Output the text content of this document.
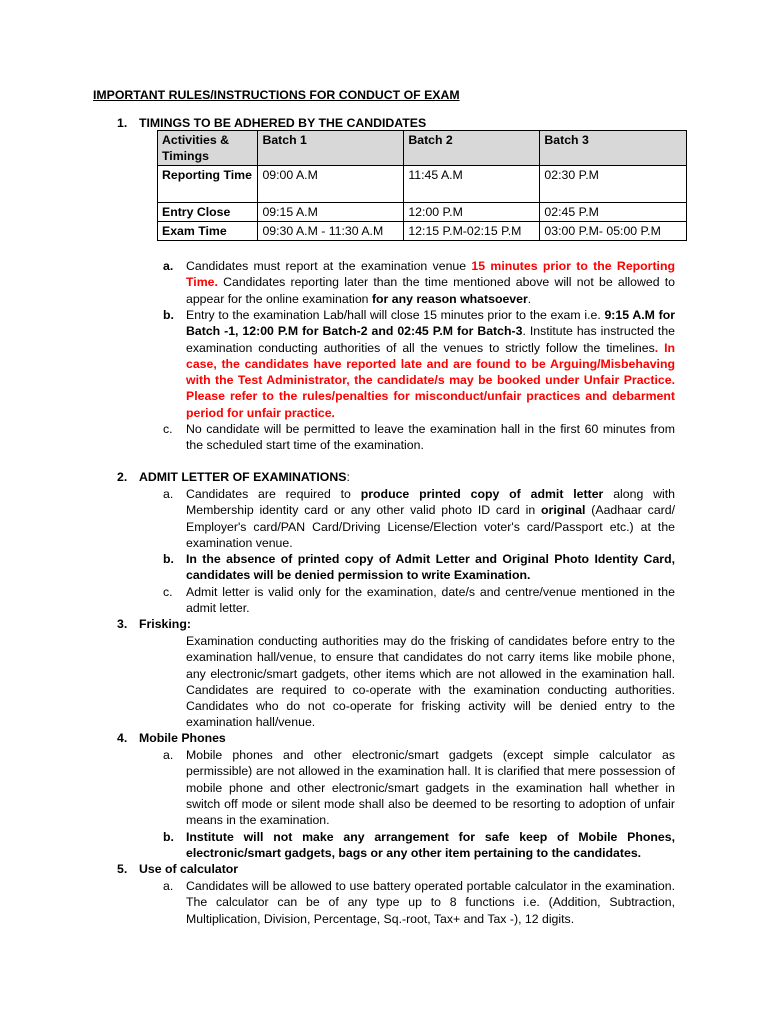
IMPORTANT RULES/INSTRUCTIONS FOR CONDUCT OF EXAM
1. TIMINGS TO BE ADHERED BY THE CANDIDATES
Activities & Timings	Batch 1	Batch 2	Batch 3
Reporting Time	09:00 A.M	11:45 A.M	02:30 P.M
Entry Close	09:15 A.M	12:00 P.M	02:45 P.M
Exam Time	09:30 A.M - 11:30 A.M	12:15 P.M-02:15 P.M	03:00 P.M- 05:00 P.M
a.	Candidates must report at the examination venue 15 minutes prior to the Reporting Time. Candidates reporting later than the time mentioned above will not be allowed to appear for the online examination for any reason whatsoever.
b. Entry to the examination Lab/hall will close 15 minutes prior to the exam i.e. 9:15 A.M for Batch -1, 12:00 P.M for Batch-2 and 02:45 P.M for Batch-3. Institute has instructed the examination conducting authorities of all the venues to strictly follow the timelines. In case, the candidates have reported late and are found to be Arguing/Misbehaving with the Test Administrator, the candidate/s may be booked under Unfair Practice. Please refer to the rules/penalties for misconduct/unfair practices and debarment period for unfair practice.
c.	No candidate will be permitted to leave the examination hall in the first 60 minutes from the scheduled start time of the examination.
2. ADMIT LETTER OF EXAMINATIONS:
a.	Candidates are required to produce printed copy of admit letter along with Membership identity card or any other valid photo ID card in original (Aadhaar card/ Employer's card/PAN Card/Driving License/Election voter's card/Passport etc.) at the examination venue.
b. In the absence of printed copy of Admit Letter and Original Photo Identity Card, candidates will be denied permission to write Examination.
c.	Admit letter is valid only for the examination, date/s and centre/venue mentioned in the admit letter.
3. Frisking:
Examination conducting authorities may do the frisking of candidates before entry to the examination hall/venue, to ensure that candidates do not carry items like mobile phone, any electronic/smart gadgets, other items which are not allowed in the examination hall. Candidates are required to co-operate with the examination conducting authorities. Candidates who do not co-operate for frisking activity will be denied entry to the examination hall/venue.
4. Mobile Phones
a.	Mobile phones and other electronic/smart gadgets (except simple calculator as permissible) are not allowed in the examination hall. It is clarified that mere possession of mobile phone and other electronic/smart gadgets in the examination hall whether in switch off mode or silent mode shall also be deemed to be resorting to adoption of unfair means in the examination.
b. Institute will not make any arrangement for safe keep of Mobile Phones, electronic/smart gadgets, bags or any other item pertaining to the candidates.
5. Use of calculator
a.	Candidates will be allowed to use battery operated portable calculator in the examination. The calculator can be of any type up to 8 functions i.e. (Addition, Subtraction, Multiplication, Division, Percentage, Sq.-root, Tax+ and Tax -), 12 digits.
